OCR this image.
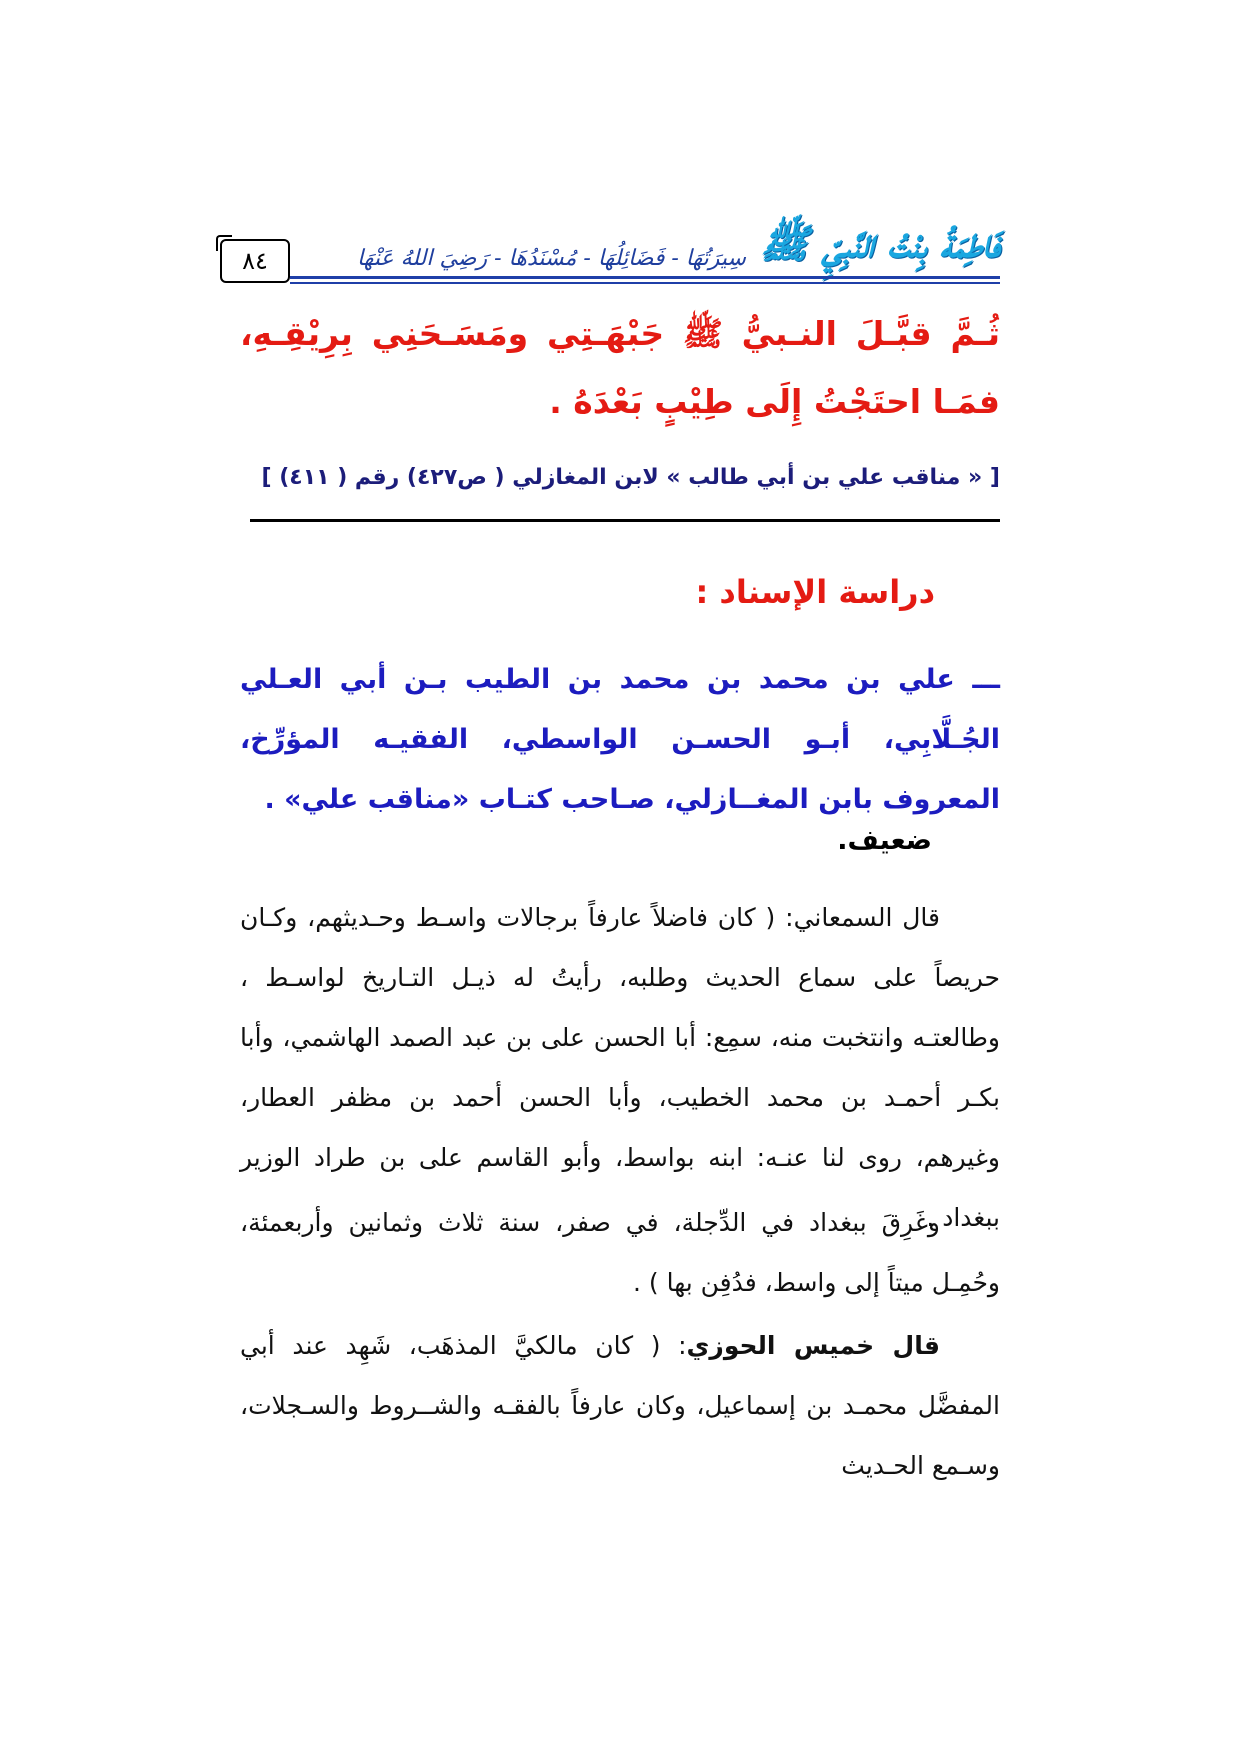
٨٤	فَاطِمَةُ بِنْتُ النَّبِيِّ ﷺ
سِيرَتُهَا - فَضَائِلُهَا - مُسْنَدُهَا - رَضِيَ اللهُ عَنْهَا
ثُـمَّ قبَّـلَ النـبيُّ ﷺ جَبْهَـتِي ومَسَـحَنِي بِرِيْقِـهِ، فمَـا احتَجْتُ إِلَى طِيْبٍ بَعْدَهُ .
[ « مناقب علي بن أبي طالب » لابن المغازلي ( ص٤٢٧) رقم ( ٤١١) ]
دراسة الإسناد :
ـــ علي بن محمد بن محمد بن الطيب بـن أبي العـلي الجُـلَّابِي، أبـو الحسـن الواسطي، الفقيـه المؤرِّخ، المعروف بابن المغــازلي، صـاحب كتـاب «مناقب علي» .
ضعيف.
قال السمعاني: ( كان فاضلاً عارفاً برجالات واسـط وحـديثهم، وكـان حريصاً على سماع الحديث وطلبه، رأيتُ له ذيـل التـاريخ لواسـط ، وطالعتـه وانتخبت منه، سمِع: أبا الحسن على بن عبد الصمد الهاشمي، وأبا بكـر أحمـد بن محمد الخطيب، وأبا الحسن أحمد بن مظفر العطار، وغيرهم، روى لنا عنـه: ابنه بواسط، وأبو القاسم على بن طراد الوزير ببغداد .
وغَرِقَ ببغداد في الدِّجلة، في صفر، سنة ثلاث وثمانين وأربعمئة، وحُمِـل ميتاً إلى واسط، فدُفِن بها ) .
قال خميس الحوزي: ( كان مالكيَّ المذهَب، شَهِد عند أبي المفضَّل محمـد بن إسماعيل، وكان عارفاً بالفقـه والشــروط والسـجلات، وسـمع الحـديث
